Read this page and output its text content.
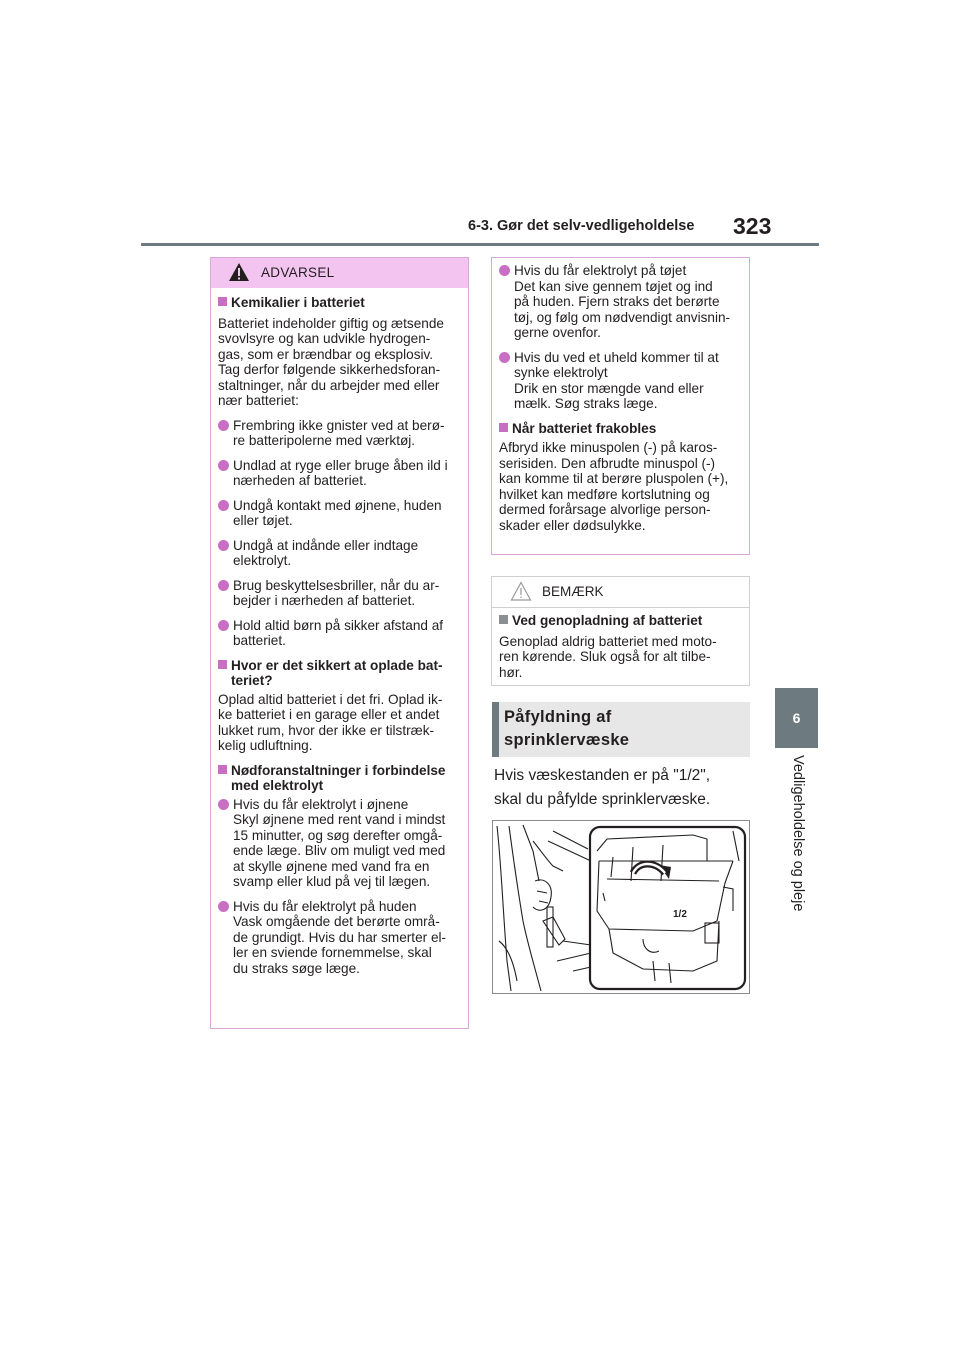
6-3. Gør det selv-vedligeholdelse 323
6
Vedligeholdelse og pleje
ADVARSEL
Kemikalier i batteriet
Batteriet indeholder giftig og ætsende
svovlsyre og kan udvikle hydrogen-
gas, som er brændbar og eksplosiv.
Tag derfor følgende sikkerhedsforan-
staltninger, når du arbejder med eller
nær batteriet:
Frembring ikke gnister ved at berø-
re batteripolerne med værktøj.
Undlad at ryge eller bruge åben ild i
nærheden af batteriet.
Undgå kontakt med øjnene, huden
eller tøjet.
Undgå at indånde eller indtage
elektrolyt.
Brug beskyttelsesbriller, når du ar-
bejder i nærheden af batteriet.
Hold altid børn på sikker afstand af
batteriet.
Hvor er det sikkert at oplade bat-
teriet?
Oplad altid batteriet i det fri. Oplad ik-
ke batteriet i en garage eller et andet
lukket rum, hvor der ikke er tilstræk-
kelig udluftning.
Nødforanstaltninger i forbindelse
med elektrolyt
Hvis du får elektrolyt i øjnene
Skyl øjnene med rent vand i mindst
15 minutter, og søg derefter omgå-
ende læge. Bliv om muligt ved med
at skylle øjnene med vand fra en
svamp eller klud på vej til lægen.
Hvis du får elektrolyt på huden
Vask omgående det berørte områ-
de grundigt. Hvis du har smerter el-
ler en sviende fornemmelse, skal
du straks søge læge.
Hvis du får elektrolyt på tøjet
Det kan sive gennem tøjet og ind
på huden. Fjern straks det berørte
tøj, og følg om nødvendigt anvisnin-
gerne ovenfor.
Hvis du ved et uheld kommer til at
synke elektrolyt
Drik en stor mængde vand eller
mælk. Søg straks læge.
Når batteriet frakobles
Afbryd ikke minuspolen (-) på karos-
serisiden. Den afbrudte minuspol (-)
kan komme til at berøre pluspolen (+),
hvilket kan medføre kortslutning og
dermed forårsage alvorlige person-
skader eller dødsulykke.
BEMÆRK
Ved genopladning af batteriet
Genoplad aldrig batteriet med moto-
ren kørende. Sluk også for alt tilbe-
hør.
Påfyldning af
sprinklervæske
Hvis væskestanden er på "1/2",
skal du påfylde sprinklervæske.
1/2
